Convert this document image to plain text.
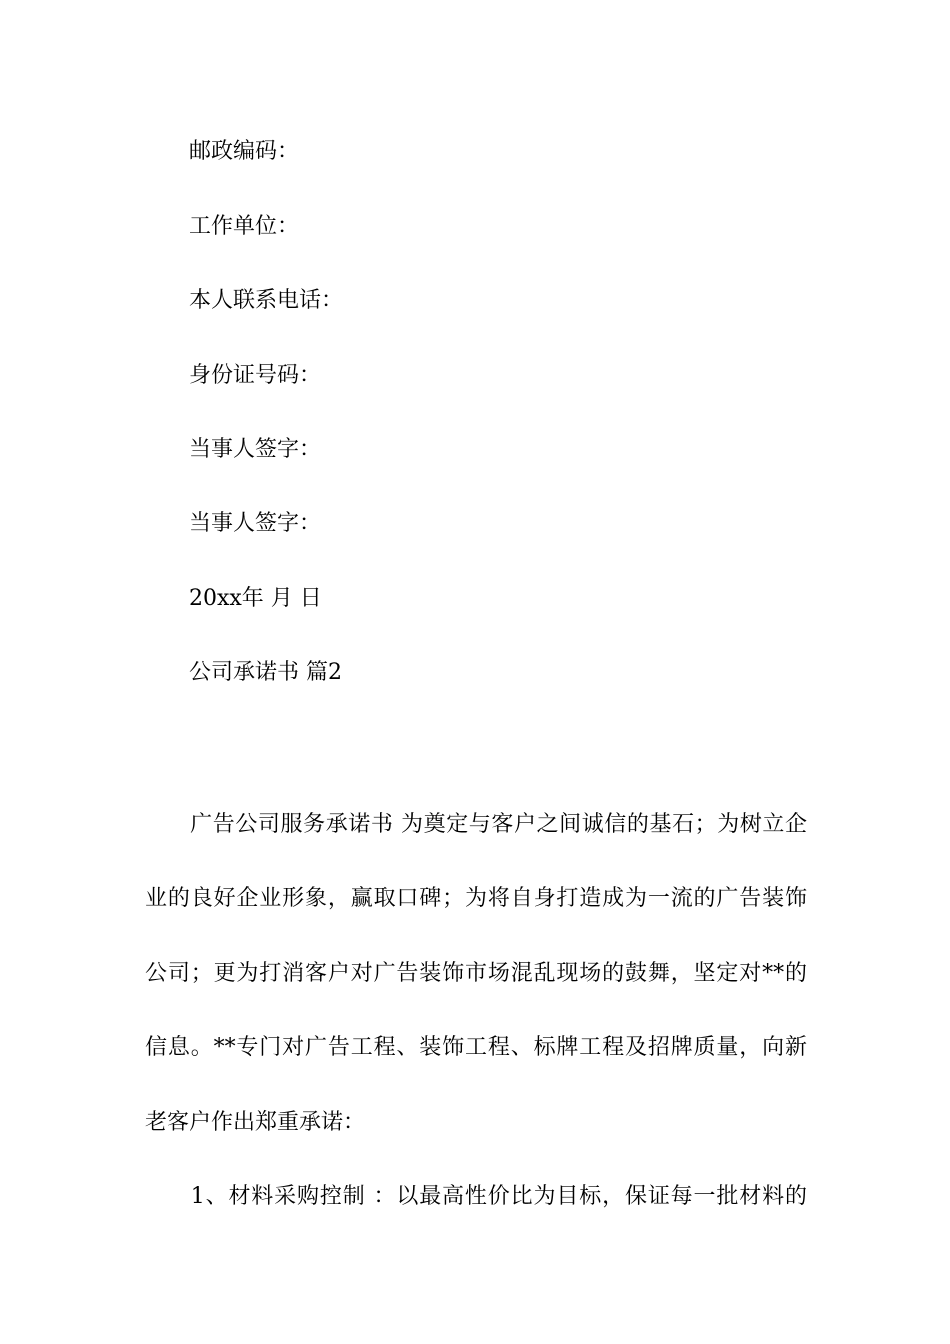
邮政编码：
工作单位：
本人联系电话：
身份证号码：
当事人签字：
当事人签字：
20xx年 月 日
公司承诺书 篇2
　　广告公司服务承诺书 为奠定与客户之间诚信的基石；为树立企
业的良好企业形象，赢取口碑；为将自身打造成为一流的广告装饰
公司；更为打消客户对广告装饰市场混乱现场的鼓舞，坚定对**的
信息。**专门对广告工程、装饰工程、标牌工程及招牌质量，向新
老客户作出郑重承诺：
　　1、材料采购控制 ：以最高性价比为目标，保证每一批材料的
